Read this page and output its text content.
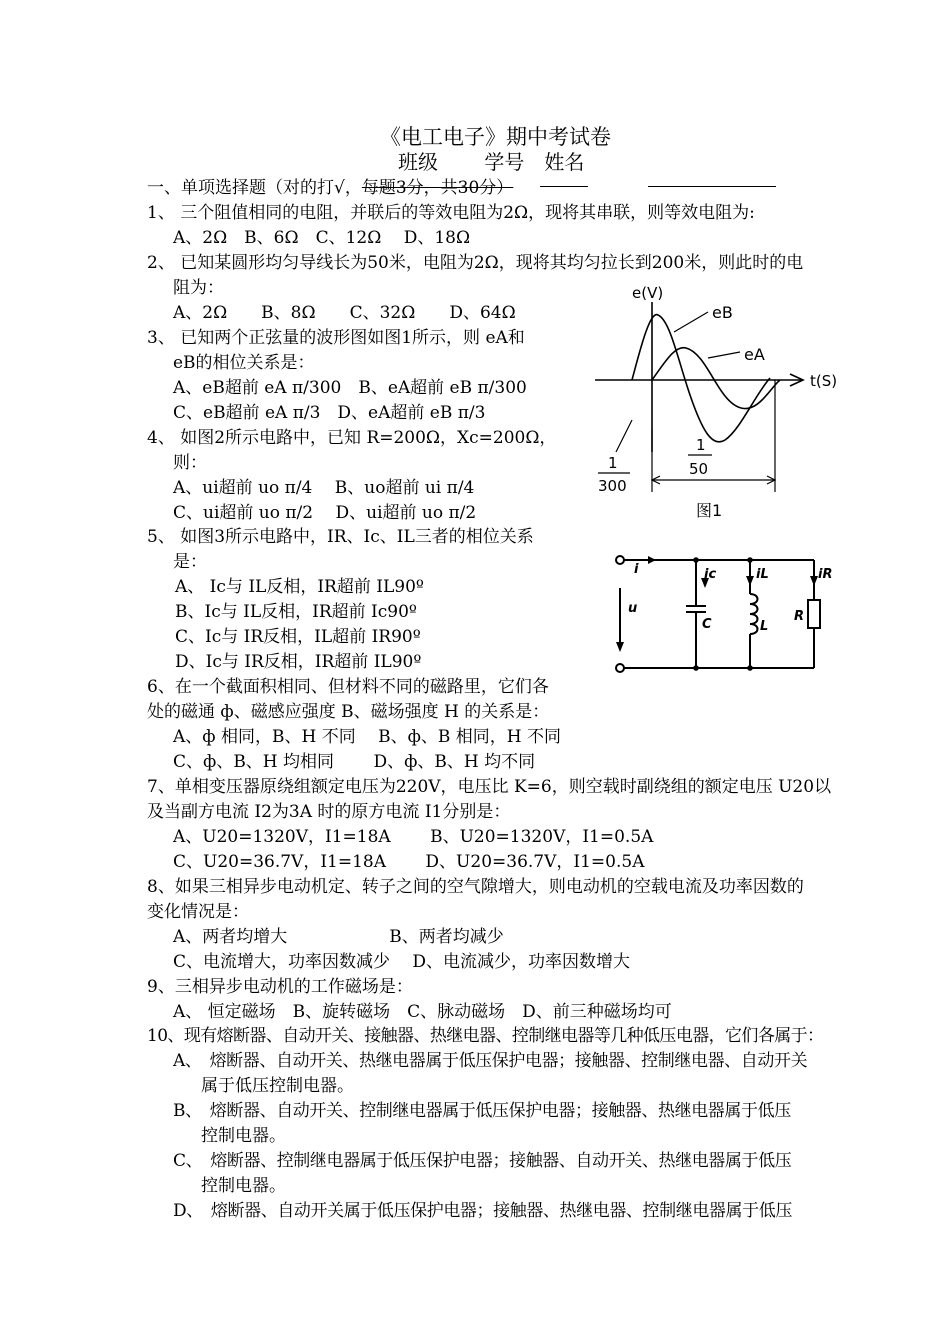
《电工电子》期中考试卷
班级　　 学号　姓名
一、单项选择题（对的打√，每题3分，共30分）
1、 三个阻值相同的电阻，并联后的等效电阻为2Ω，现将其串联，则等效电阻为:
A、2Ω　B、6Ω　C、12Ω　 D、18Ω
2、 已知某圆形均匀导线长为50米，电阻为2Ω，现将其均匀拉长到200米，则此时的电
阻为：
A、2Ω　　B、8Ω　　C、32Ω　　D、64Ω
3、 已知两个正弦量的波形图如图1所示，则 eA和
eB的相位关系是：
A、eB超前 eA π/300　B、eA超前 eB π/300
C、eB超前 eA π/3　D、eA超前 eB π/3
4、 如图2所示电路中，已知 R=200Ω，Xc=200Ω，
则：
A、ui超前 uo π/4　 B、uo超前 ui π/4
C、ui超前 uo π/2　 D、ui超前 uo π/2
5、 如图3所示电路中，IR、Ic、IL三者的相位关系
是：
A、 Ic与 IL反相，IR超前 IL90º
B、Ic与 IL反相，IR超前 Ic90º
C、Ic与 IR反相，IL超前 IR90º
D、Ic与 IR反相，IR超前 IL90º
6、在一个截面积相同、但材料不同的磁路里，它们各
处的磁通 ф、磁感应强度 B、磁场强度 H 的关系是：
A、ф 相同，B、H 不同　 B、ф、B 相同，H 不同
C、ф、B、H 均相同　　 D、ф、B、H 均不同
7、单相变压器原绕组额定电压为220V，电压比 K=6，则空载时副绕组的额定电压 U20以
及当副方电流 I2为3A 时的原方电流 I1分别是：
A、U20=1320V，I1=18A　　 B、U20=1320V，I1=0.5A
C、U20=36.7V，I1=18A　　 D、U20=36.7V，I1=0.5A
8、如果三相异步电动机定、转子之间的空气隙增大，则电动机的空载电流及功率因数的
变化情况是：
A、两者均增大　　　　　　B、两者均减少
C、电流增大，功率因数减少　 D、电流减少，功率因数增大
9、三相异步电动机的工作磁场是：
A、 恒定磁场　B、旋转磁场　C、脉动磁场　D、前三种磁场均可
10、现有熔断器、自动开关、接触器、热继电器、控制继电器等几种低压电器，它们各属于：
A、　熔断器、自动开关、热继电器属于低压保护电器；接触器、控制继电器、自动开关
属于低压控制电器。
B、　熔断器、自动开关、控制继电器属于低压保护电器；接触器、热继电器属于低压
控制电器。
C、　熔断器、控制继电器属于低压保护电器；接触器、自动开关、热继电器属于低压
控制电器。
D、　熔断器、自动开关属于低压保护电器；接触器、热继电器、控制继电器属于低压
e(V)
t(S)
eB
eA
1
300
1
50
图1
i
u
ic	iL	iR
C	L
R
